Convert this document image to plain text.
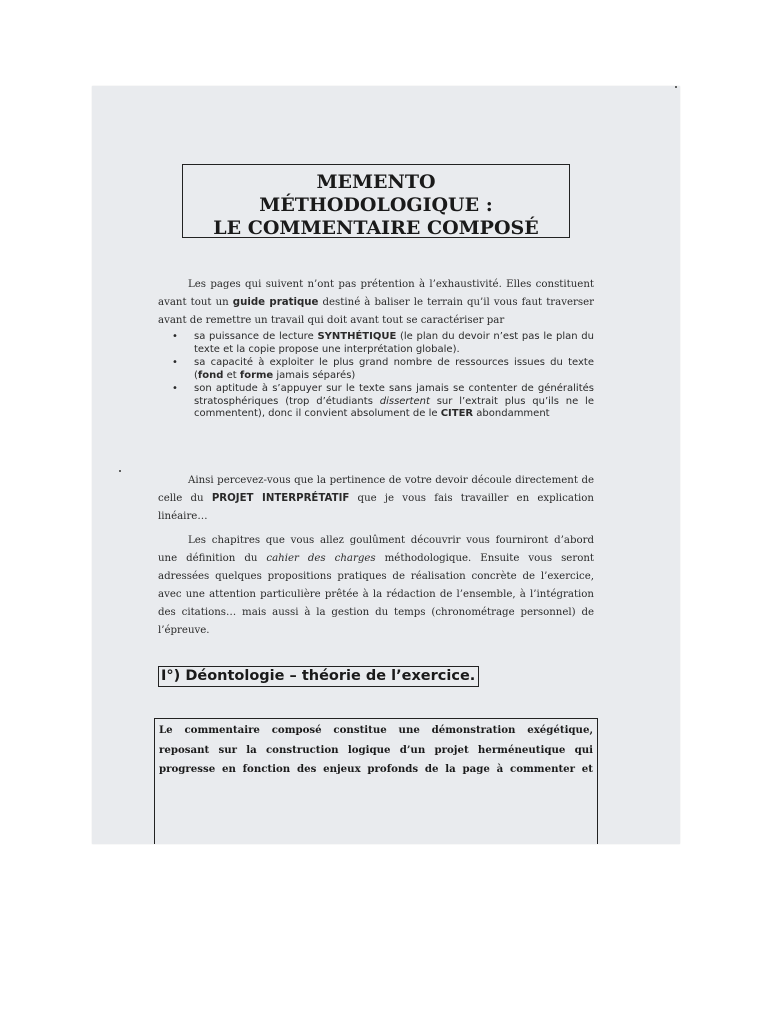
MEMENTO
MÉTHODOLOGIQUE :
LE COMMENTAIRE COMPOSÉ

Les pages qui suivent n’ont pas prétention à l’exhaustivité. Elles constituent avant tout un guide pratique destiné à baliser le terrain qu’il vous faut traverser avant de remettre un travail qui doit avant tout se caractériser par

• sa puissance de lecture SYNTHÉTIQUE (le plan du devoir n’est pas le plan du texte et la copie propose une interprétation globale).
• sa capacité à exploiter le plus grand nombre de ressources issues du texte (fond et forme jamais séparés)
• son aptitude à s’appuyer sur le texte sans jamais se contenter de généralités stratosphériques (trop d’étudiants dissertent sur l’extrait plus qu’ils ne le commentent), donc il convient absolument de le CITER abondamment

Ainsi percevez-vous que la pertinence de votre devoir découle directement de celle du PROJET INTERPRÉTATIF que je vous fais travailler en explication linéaire…

Les chapitres que vous allez goulûment découvrir vous fourniront d’abord une définition du cahier des charges méthodologique. Ensuite vous seront adressées quelques propositions pratiques de réalisation concrète de l’exercice, avec une attention particulière prêtée à la rédaction de l’ensemble, à l’intégration des citations… mais aussi à la gestion du temps (chronométrage personnel) de l’épreuve.

I°) Déontologie – théorie de l’exercice.
Le commentaire composé constitue une démonstration exégétique,
reposant sur la construction logique d’un projet herméneutique qui
progresse en fonction des enjeux profonds de la page à commenter et
